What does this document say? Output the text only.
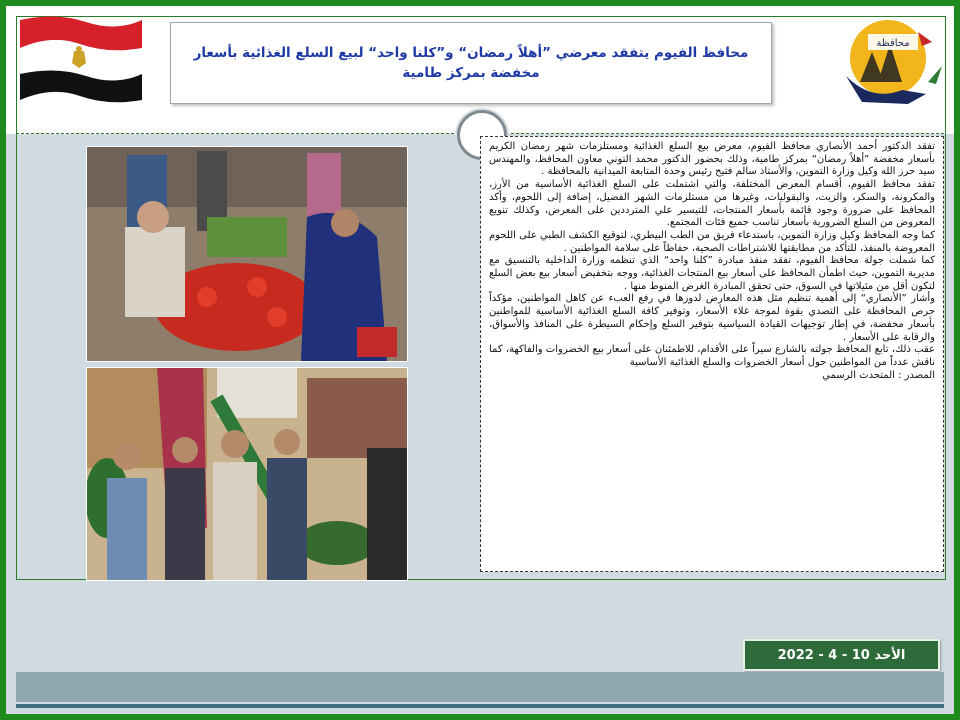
محافظة
محافظ الفيوم يتفقد معرضي ”أهلاً رمضان“ و”كلنا واحد“ لبيع السلع الغذائية بأسعار مخفضة بمركز طامية

تفقد الدكتور أحمد الأنصاري محافظ الفيوم، معرض بيع السلع الغذائية ومستلزمات شهر رمضان الكريم بأسعار مخفضة ”أهلاً رمضان“ بمركز طامية، وذلك بحضور الدكتور محمد التوني معاون المحافظ، والمهندس سيد حرز الله وكيل وزارة التموين، والأستاذ سالم فتيح رئيس وحدة المتابعة الميدانية بالمحافظة .

تفقد محافظ الفيوم، أقسام المعرض المختلفة، والتي اشتملت على السلع الغذائية الأساسية من الأرز، والمكرونة، والسكر، والزيت، والبقوليات، وغيرها من مستلزمات الشهر الفضيل، إضافة إلى اللحوم، وأكد المحافظ على ضرورة وجود قائمة بأسعار المنتجات، للتيسير علي المترددين على المعرض، وكذلك تنويع المعروض من السلع الضرورية بأسعار تناسب جميع فئات المجتمع.

كما وجه المحافظ وكيل وزارة التموين، باستدعاء فريق من الطب البيطري، لتوقيع الكشف الطبي على اللحوم المعروضة بالمنفذ، للتأكد من مطابقتها للاشتراطات الصحية، حفاظاً على سلامة المواطنين .

كما شملت جولة محافظ الفيوم، تفقد منفذ مبادرة ”كلنا واحد“ الذي تنظمه وزارة الداخلية بالتنسيق مع مديرية التموين، حيث اطمأن المحافظ على أسعار بيع المنتجات الغذائية، ووجه بتخفيض أسعار بيع بعض السلع لتكون أقل من مثيلاتها في السوق، حتى تحقق المبادرة الغرض المنوط منها .

وأشار ”الأنصاري“ إلى أهمية تنظيم مثل هذه المعارض لدورها في رفع العبء عن كاهل المواطنين، مؤكداً حرص المحافظة على التصدي بقوة لموجة غلاء الأسعار، وتوفير كافة السلع الغذائية الأساسية للمواطنين بأسعار مخفضة، في إطار توجيهات القيادة السياسية بتوفير السلع وإحكام السيطرة على المنافذ والأسواق، والرقابة على الأسعار .

عقب ذلك، تابع المحافظ جولته بالشارع سيراً على الأقدام، للاطمئنان على أسعار بيع الخضروات والفاكهة، كما ناقش عدداً من المواطنين حول أسعار الخضروات والسلع الغذائية الأساسية

المصدر : المتحدث الرسمي

الأحد 10 - 4 - 2022
